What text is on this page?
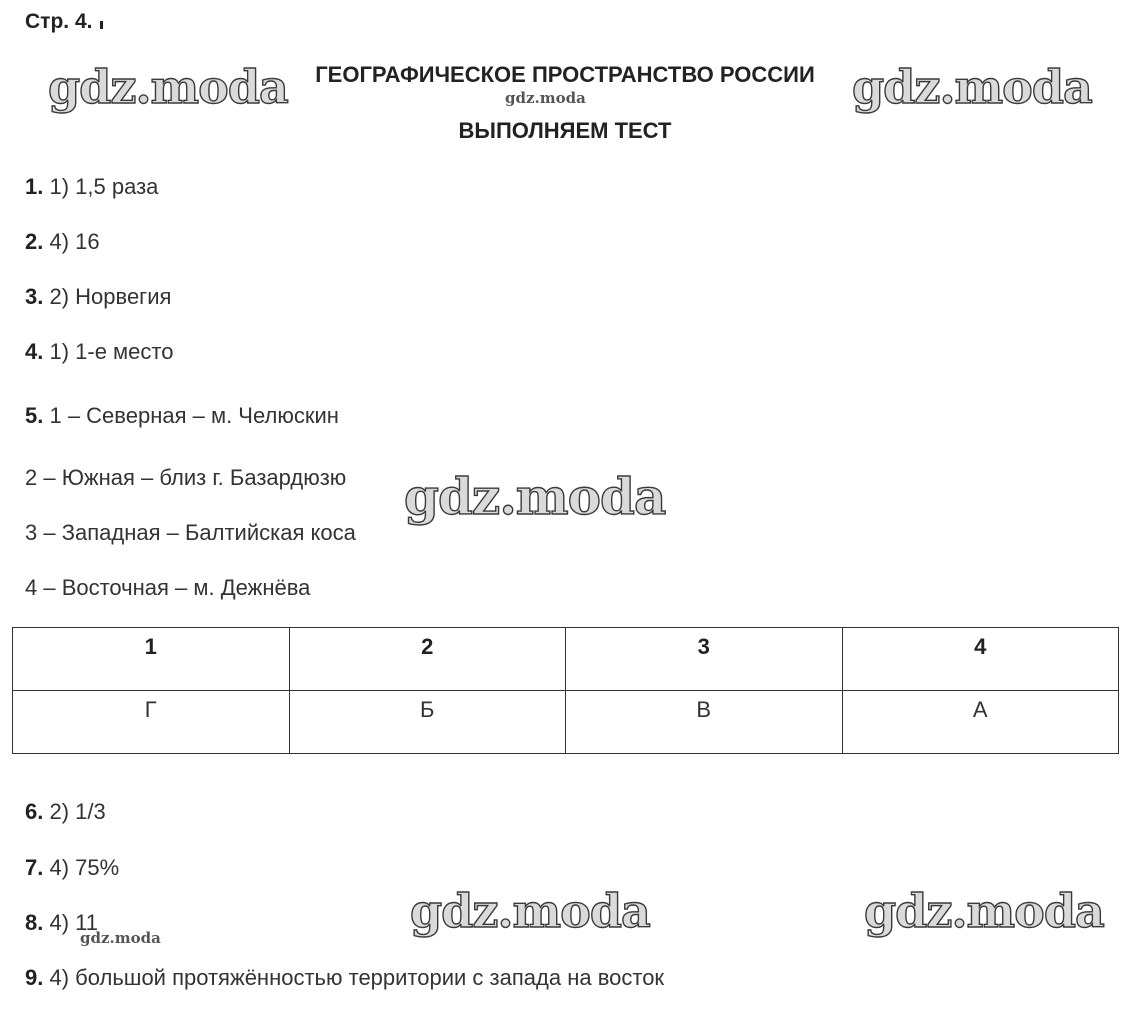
Стр. 4.
ГЕОГРАФИЧЕСКОЕ ПРОСТРАНСТВО РОССИИ
ВЫПОЛНЯЕМ ТЕСТ
1. 1) 1,5 раза
2. 4) 16
3. 2) Норвегия
4. 1) 1-е место
5. 1 – Северная – м. Челюскин
2 – Южная – близ г. Базардюзю
3 – Западная – Балтийская коса
4 – Восточная – м. Дежнёва
1	2	3	4
Г	Б	В	А
6. 2) 1/3
7. 4) 75%
8. 4) 11
9. 4) большой протяжённостью территории с запада на восток
gdz.moda	gdz.moda
gdz.moda
gdz.moda
gdz.moda	gdz.moda
gdz.moda
